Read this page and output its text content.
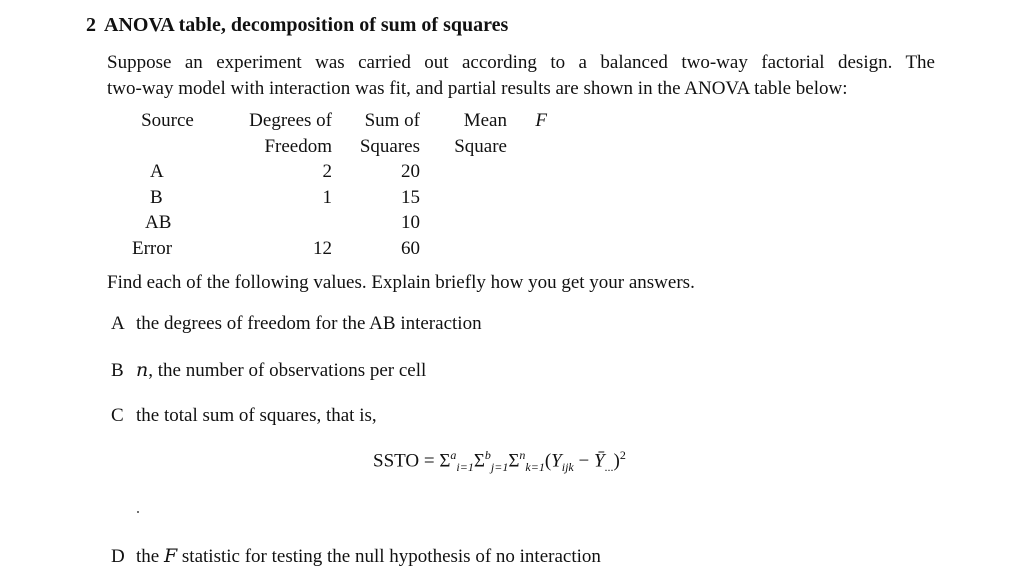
2 ANOVA table, decomposition of sum of squares
Suppose an experiment was carried out according to a balanced two-way factorial design. The
two-way model with interaction was fit, and partial results are shown in the ANOVA table below:
Source	Degrees of	Sum of	Mean	F
	Freedom	Squares	Square	
A	2	20		
B	1	15		
AB		10		
Error	12	60		
Find each of the following values. Explain briefly how you get your answers.
A the degrees of freedom for the AB interaction
B n, the number of observations per cell
C the total sum of squares, that is,
SSTO = $\Sigma^a_{i=1}\Sigma^b_{j=1}\Sigma^n_{k=1}(Y_{ijk}$ − $Ȳ_{...})^2$
D the F statistic for testing the null hypothesis of no interaction
